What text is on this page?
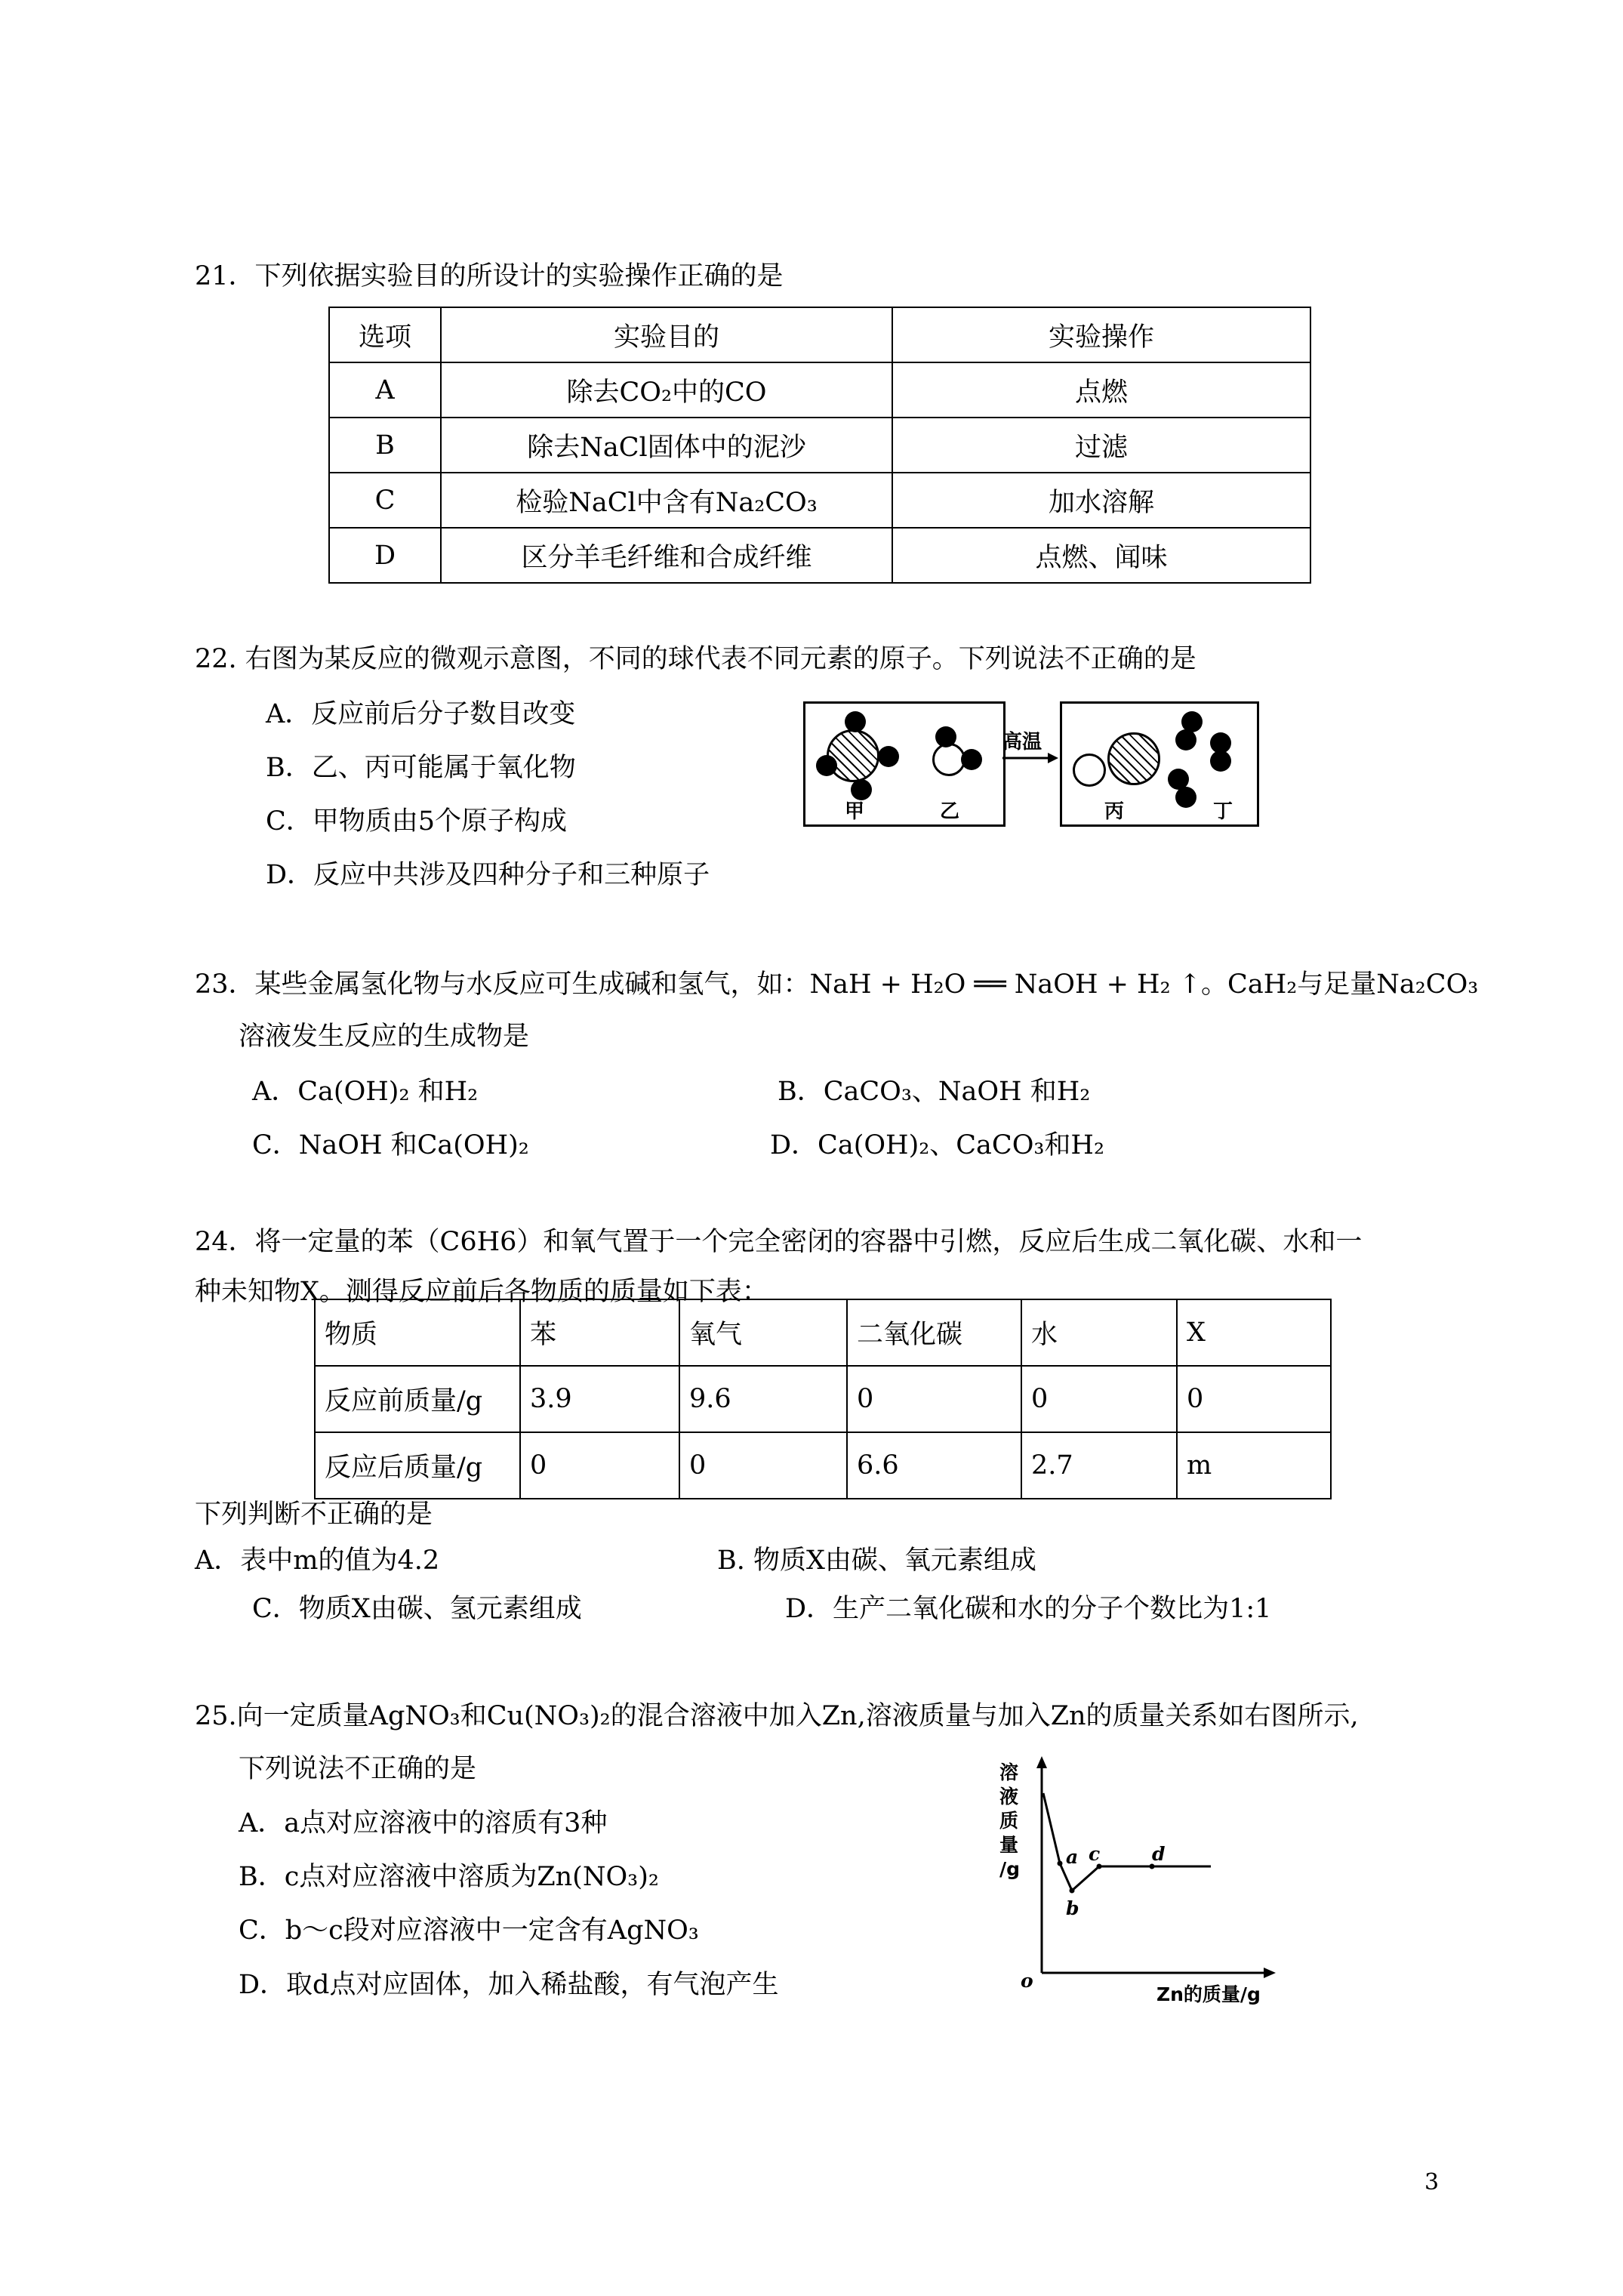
21．下列依据实验目的所设计的实验操作正确的是
选项	实验目的	实验操作
A	除去CO₂中的CO	点燃
B	除去NaCl固体中的泥沙	过滤
C	检验NaCl中含有Na₂CO₃	加水溶解
D	区分羊毛纤维和合成纤维	点燃、闻味
22. 右图为某反应的微观示意图，不同的球代表不同元素的原子。下列说法不正确的是
A．反应前后分子数目改变
B．乙、丙可能属于氧化物
C．甲物质由5个原子构成
D．反应中共涉及四种分子和三种原子
甲	乙
高温
丙	丁
23．某些金属氢化物与水反应可生成碱和氢气，如：NaH + H₂O ══ NaOH + H₂ ↑。CaH₂与足量Na₂CO₃
溶液发生反应的生成物是
A．Ca(OH)₂ 和H₂	B．CaCO₃、NaOH 和H₂
C．NaOH 和Ca(OH)₂	D．Ca(OH)₂、CaCO₃和H₂
24．将一定量的苯（C6H6）和氧气置于一个完全密闭的容器中引燃，反应后生成二氧化碳、水和一
种未知物X。测得反应前后各物质的质量如下表：
物质	苯	氧气	二氧化碳	水	X
反应前质量/g	3.9	9.6	0	0	0
反应后质量/g	0	0	6.6	2.7	m
下列判断不正确的是
A．表中m的值为4.2	B. 物质X由碳、氧元素组成
C．物质X由碳、氢元素组成	D．生产二氧化碳和水的分子个数比为1:1
25.向一定质量AgNO₃和Cu(NO₃)₂的混合溶液中加入Zn,溶液质量与加入Zn的质量关系如右图所示,
下列说法不正确的是
A．a点对应溶液中的溶质有3种
B．c点对应溶液中溶质为Zn(NO₃)₂
C．b～c段对应溶液中一定含有AgNO₃
D．取d点对应固体，加入稀盐酸，有气泡产生
溶
液
质
量
/g
Zn的质量/g
o
a
b
c	d
3
